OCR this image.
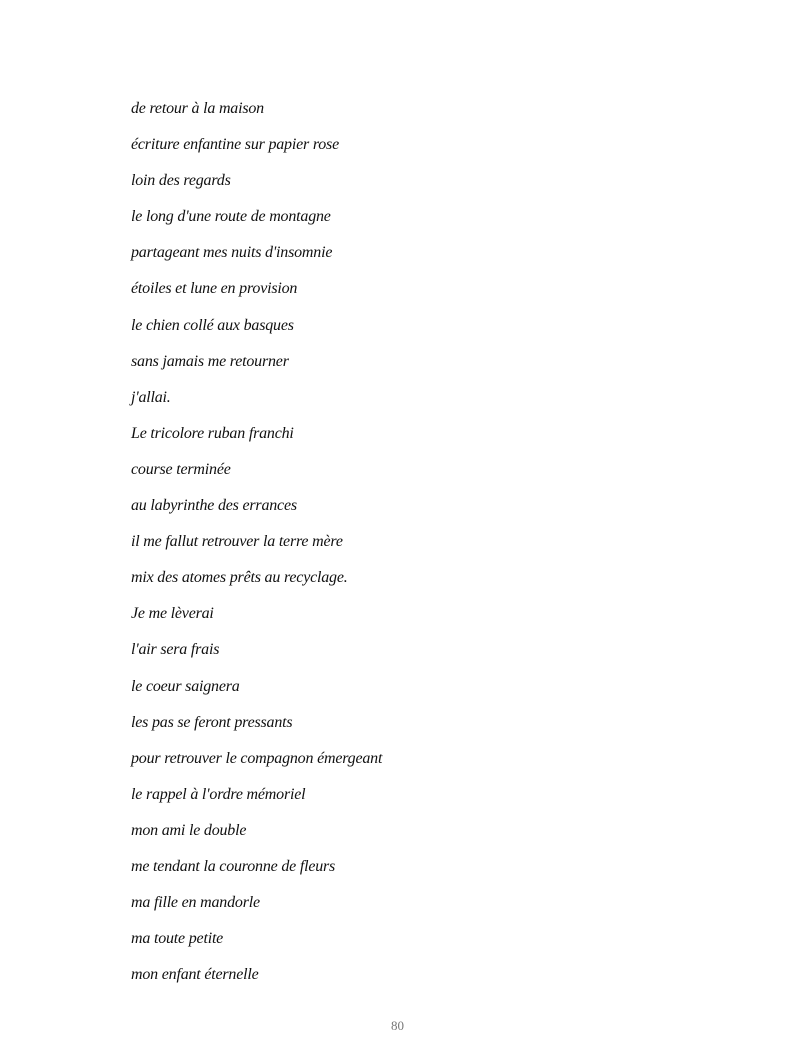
de retour à la maison
écriture enfantine sur papier rose
loin des regards
le long d'une route de montagne
partageant mes nuits d'insomnie
étoiles et lune en provision
le chien collé aux basques
sans jamais me retourner
j'allai.
Le tricolore ruban franchi
course terminée
au labyrinthe des errances
il me fallut retrouver la terre mère
mix des atomes prêts au recyclage.
Je me lèverai
l'air sera frais
le coeur saignera
les pas se feront pressants
pour retrouver le compagnon émergeant
le rappel à l'ordre mémoriel
mon ami le double
me tendant la couronne de fleurs
ma fille en mandorle
ma toute petite
mon enfant éternelle
80
